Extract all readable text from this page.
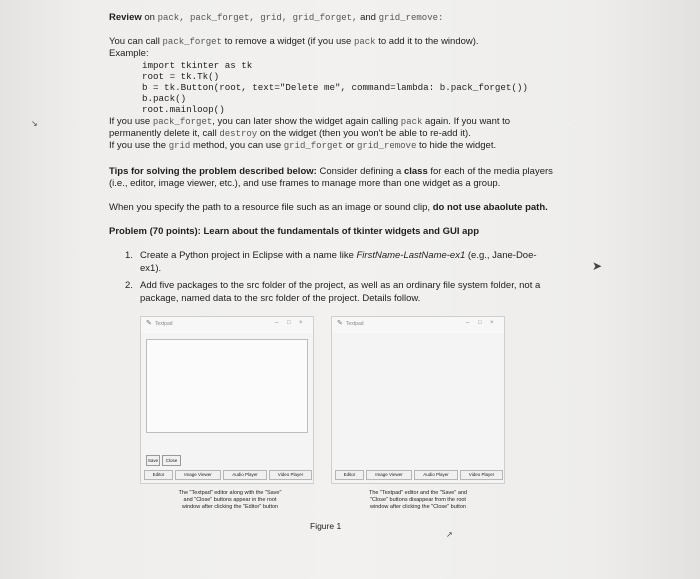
Review on pack, pack_forget, grid, grid_forget, and grid_remove:
You can call pack_forget to remove a widget (if you use pack to add it to the window).
Example:
import tkinter as tk
root = tk.Tk()
b = tk.Button(root, text="Delete me", command=lambda: b.pack_forget())
b.pack()
root.mainloop()
If you use pack_forget, you can later show the widget again calling pack again. If you want to
permanently delete it, call destroy on the widget (then you won't be able to re-add it).
If you use the grid method, you can use grid_forget or grid_remove to hide the widget.
Tips for solving the problem described below: Consider defining a class for each of the media players
(i.e., editor, image viewer, etc.), and use frames to manage more than one widget as a group.
When you specify the path to a resource file such as an image or sound clip, do not use abaolute path.
Problem (70 points): Learn about the fundamentals of tkinter widgets and GUI app
1. Create a Python project in Eclipse with a name like FirstName-LastName-ex1 (e.g., Jane-Doe-
ex1).
2. Add five packages to the src folder of the project, as well as an ordinary file system folder, not a
package, named data to the src folder of the project. Details follow.
✎ Textpad	– □ ×
Save	Close
Editor	Image Viewer	Audio Player	Video Player
✎ Textpad	– □ ×
Editor	Image Viewer	Audio Player	Video Player
The "Textpad" editor along with the "Save"
and "Close" buttons appear in the root
window after clicking the "Editor" button
The "Textpad" editor and the "Save" and
"Close" buttons disappear from the root
window after clicking the "Close" button
Figure 1
➤
↗
↘
